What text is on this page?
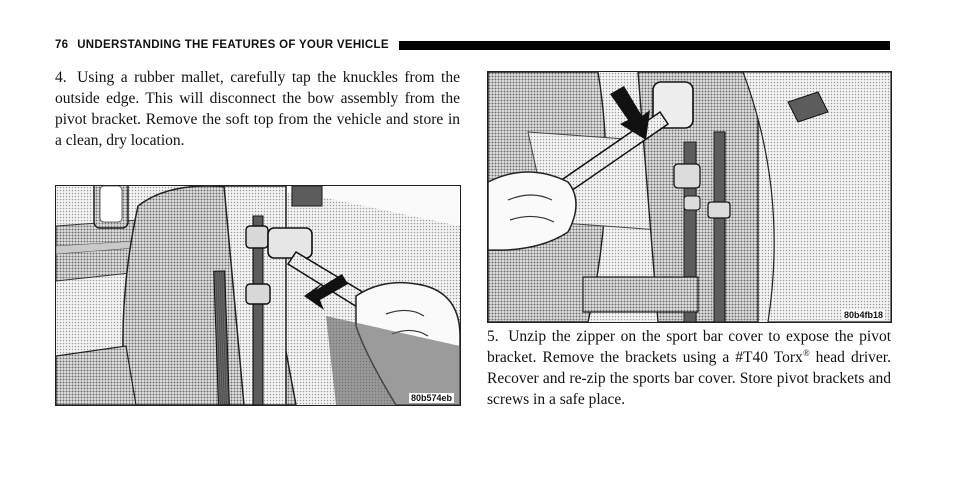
76 UNDERSTANDING THE FEATURES OF YOUR VEHICLE

4. Using a rubber mallet, carefully tap the knuckles from the outside edge. This will disconnect the bow assembly from the pivot bracket. Remove the soft top from the vehicle and store in a clean, dry location.

80b574eb
80b4fb18

5. Unzip the zipper on the sport bar cover to expose the pivot bracket. Remove the brackets using a #T40 Torx® head driver. Recover and re-zip the sports bar cover. Store pivot brackets and screws in a safe place.
